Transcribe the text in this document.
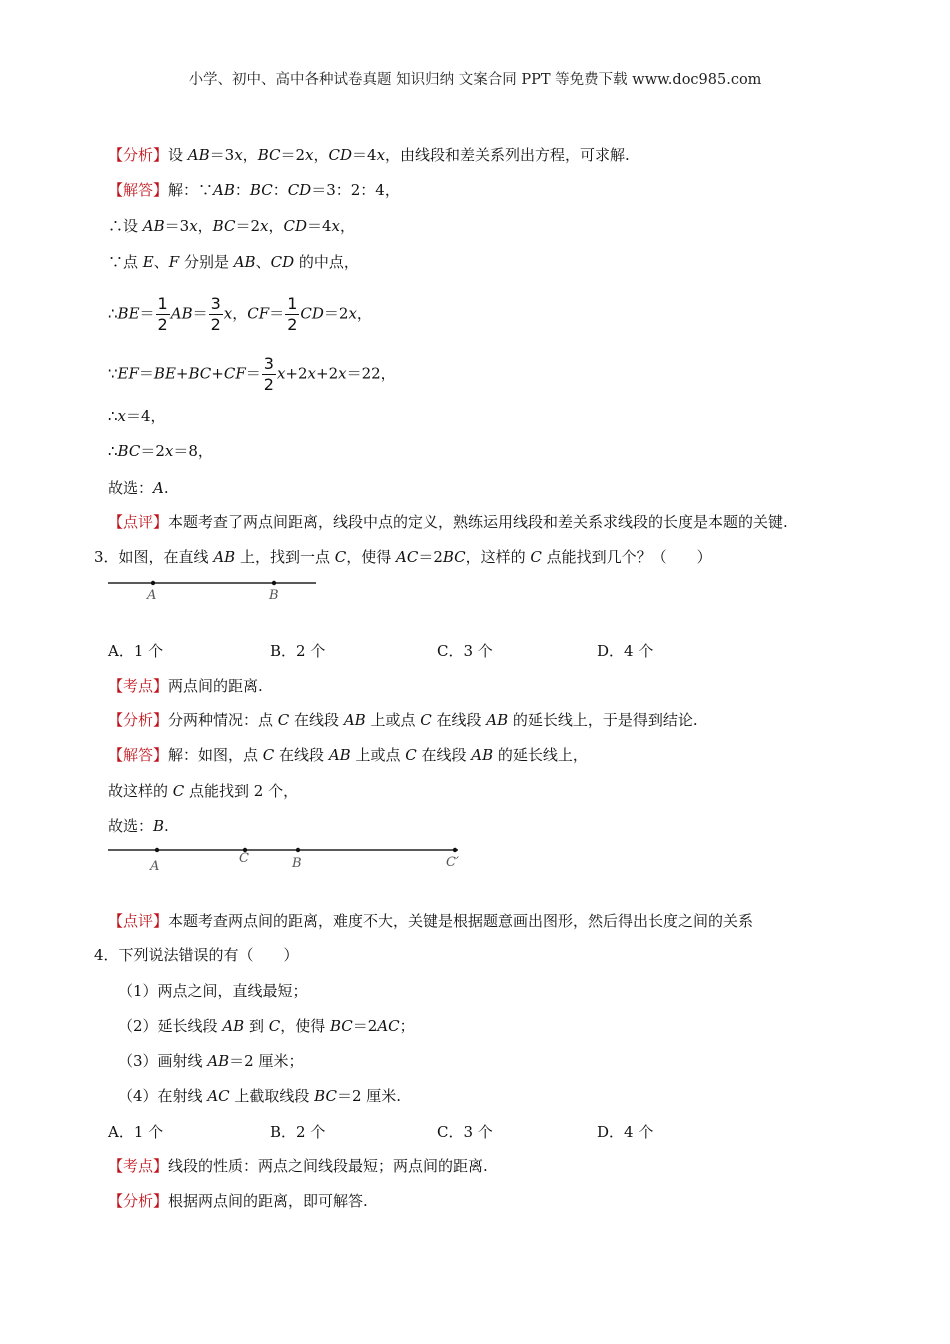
小学、初中、高中各种试卷真题 知识归纳 文案合同 PPT 等免费下载 www.doc985.com
【分析】设 AB＝3x，BC＝2x，CD＝4x，由线段和差关系列出方程，可求解.
【解答】解：∵AB：BC：CD＝3：2：4，
∴设 AB＝3x，BC＝2x，CD＝4x，
∵点 E、F 分别是 AB、CD 的中点，
∴BE＝ $\frac{1}{2} AB= \frac{3}{2}$ x，$CF= \frac{1}{2} CD=2x$，
∵EF＝BE+BC+CF＝ $\frac{3}{2} x+2x+2x=22$，
∴x＝4，
∴BC＝2x＝8，
故选：A.
【点评】本题考查了两点间距离，线段中点的定义，熟练运用线段和差关系求线段的长度是本题的关键.
3．如图，在直线 AB 上，找到一点 C，使得 AC＝2BC，这样的 C 点能找到几个？（　　）
A	B
A．1 个	B．2 个	C．3 个	D．4 个
【考点】两点间的距离.
【分析】分两种情况：点 C 在线段 AB 上或点 C 在线段 AB 的延长线上，于是得到结论.
【解答】解：如图，点 C 在线段 AB 上或点 C 在线段 AB 的延长线上，
故这样的 C 点能找到 2 个，
故选：B.
A
C	B	C′
【点评】本题考查两点间的距离，难度不大，关键是根据题意画出图形，然后得出长度之间的关系
4．下列说法错误的有（　　）
（1）两点之间，直线最短；
（2）延长线段 AB 到 C，使得 BC＝2AC；
（3）画射线 AB＝2 厘米；
（4）在射线 AC 上截取线段 BC＝2 厘米.
A．1 个	B．2 个	C．3 个	D．4 个
【考点】线段的性质：两点之间线段最短；两点间的距离.
【分析】根据两点间的距离，即可解答.
